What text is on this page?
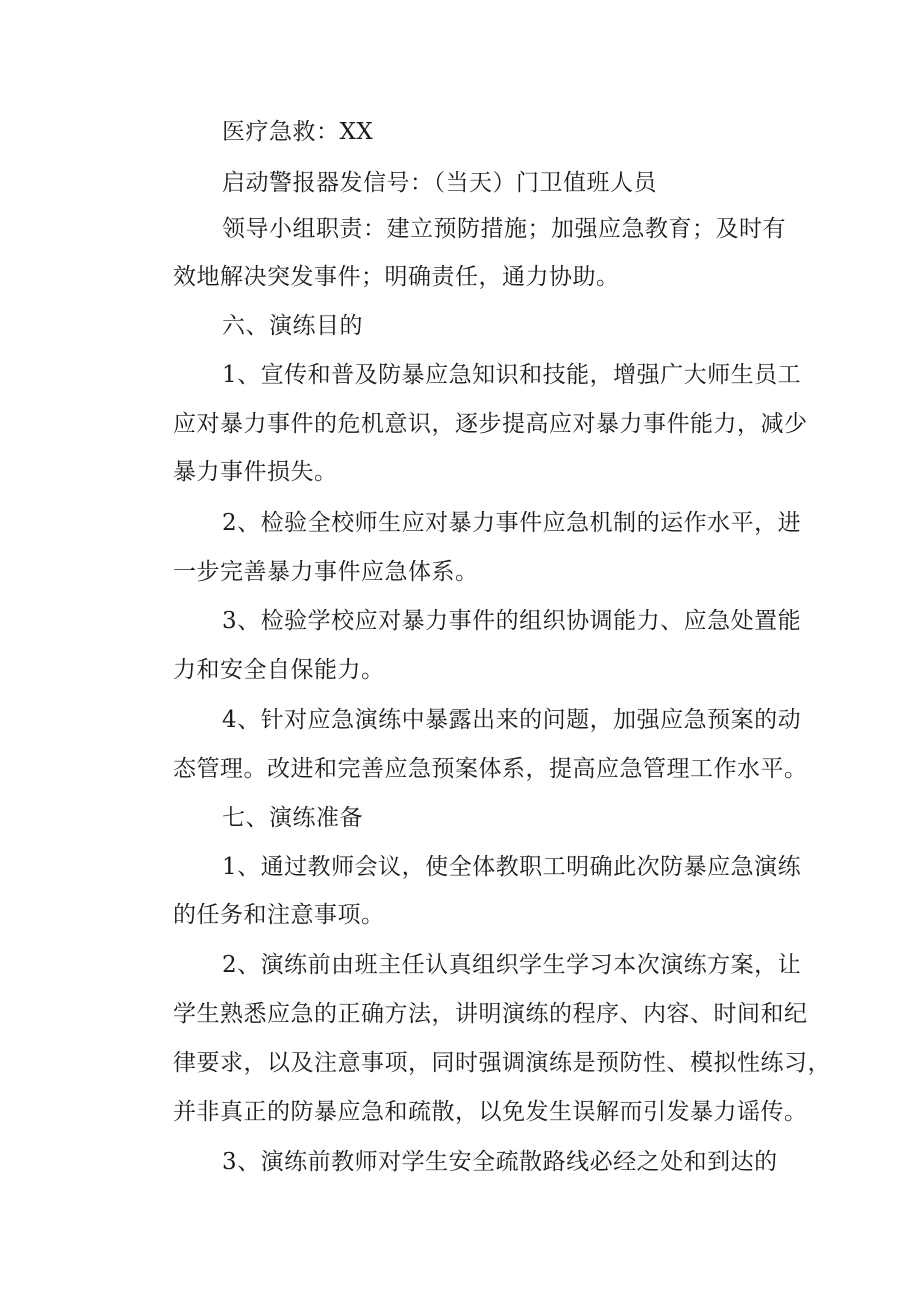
医疗急救：XX
启动警报器发信号：（当天）门卫值班人员
领导小组职责：建立预防措施；加强应急教育；及时有
效地解决突发事件；明确责任，通力协助。
六、演练目的
1、宣传和普及防暴应急知识和技能，增强广大师生员工
应对暴力事件的危机意识，逐步提高应对暴力事件能力，减少
暴力事件损失。
2、检验全校师生应对暴力事件应急机制的运作水平，进
一步完善暴力事件应急体系。
3、检验学校应对暴力事件的组织协调能力、应急处置能
力和安全自保能力。
4、针对应急演练中暴露出来的问题，加强应急预案的动
态管理。改进和完善应急预案体系，提高应急管理工作水平。
七、演练准备
1、通过教师会议，使全体教职工明确此次防暴应急演练
的任务和注意事项。
2、演练前由班主任认真组织学生学习本次演练方案，让
学生熟悉应急的正确方法，讲明演练的程序、内容、时间和纪
律要求，以及注意事项，同时强调演练是预防性、模拟性练习，
并非真正的防暴应急和疏散，以免发生误解而引发暴力谣传。
3、演练前教师对学生安全疏散路线必经之处和到达的
